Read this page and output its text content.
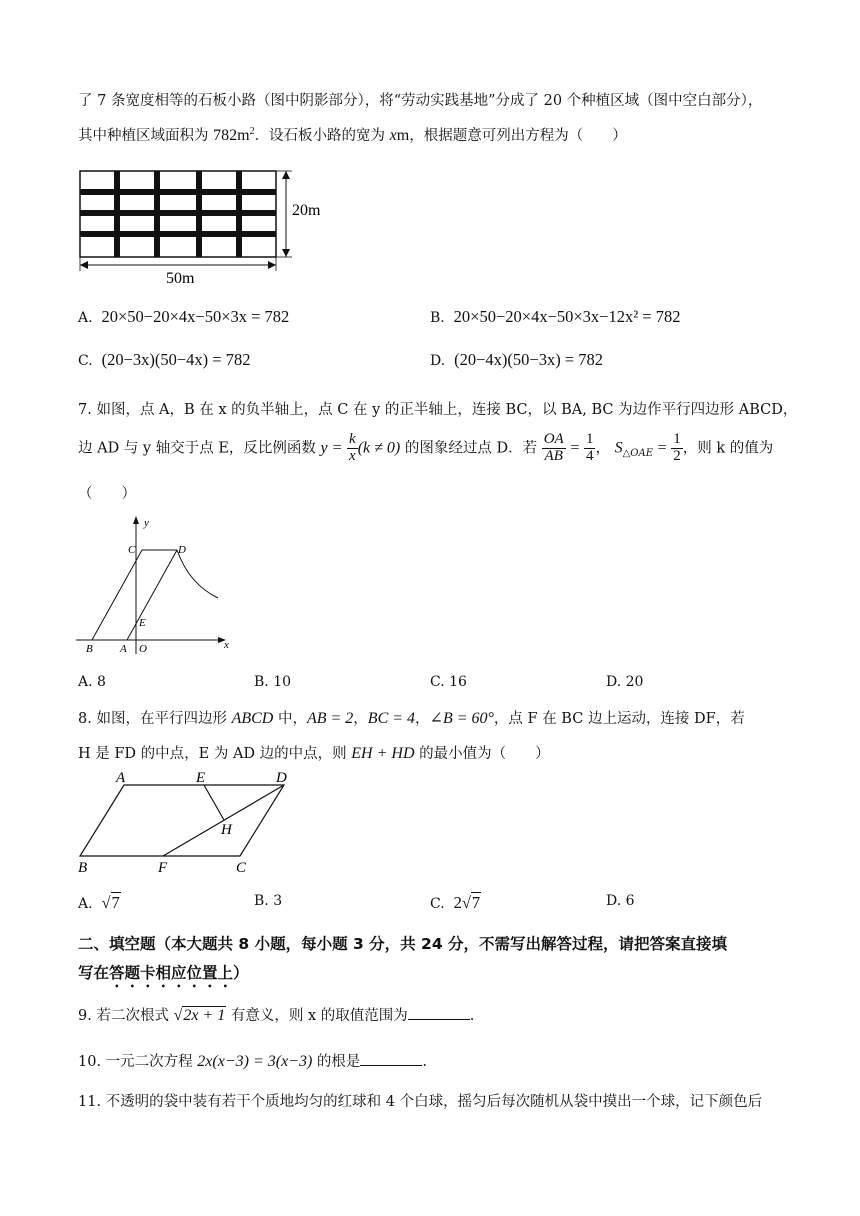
了 7 条宽度相等的石板小路（图中阴影部分），将“劳动实践基地”分成了 20 个种植区域（图中空白部分），
其中种植区域面积为 $782m^2$．设石板小路的宽为 xm，根据题意可列出方程为（　　）
20m
50m
A. 20×50−20×4x−50×3x = 782	B. 20×50−20×4x−50×3x−12x² = 782
C. (20−3x)(50−4x) = 782	D. (20−4x)(50−3x) = 782
7. 如图，点 A，B 在 x 的负半轴上，点 C 在 y 的正半轴上，连接 BC，以 BA, BC 为边作平行四边形 ABCD，
边 AD 与 y 轴交于点 E，反比例函数 $y = \frac{k}{x} (k \ne 0)$ 的图象经过点 D．若 $\frac{OA}{AB} = \frac{1}{4}$ ， $S_{\triangle OAE} = \frac{1}{2}$ ，则 k 的值为
（　　）
y
x
C	D
E
B A O
A. 8	B. 10	C. 16	D. 20
8. 如图，在平行四边形 ABCD 中，AB = 2，BC = 4，∠B = 60°，点 F 在 BC 边上运动，连接 DF，若
H 是 FD 的中点，E 为 AD 边的中点，则 EH + HD 的最小值为（　　）
A	E	D
H
B	F	C
A. √7	B. 3	C. 2√7	D. 6
二、填空题（本大题共 8 小题，每小题 3 分，共 24 分，不需写出解答过程，请把答案直接填
写在答题卡相应位置上）
9. 若二次根式 √2x + 1 有意义，则 x 的取值范围为	.
10. 一元二次方程 2x(x−3) = 3(x−3) 的根是	.
11. 不透明的袋中装有若干个质地均匀的红球和 4 个白球，摇匀后每次随机从袋中摸出一个球，记下颜色后
